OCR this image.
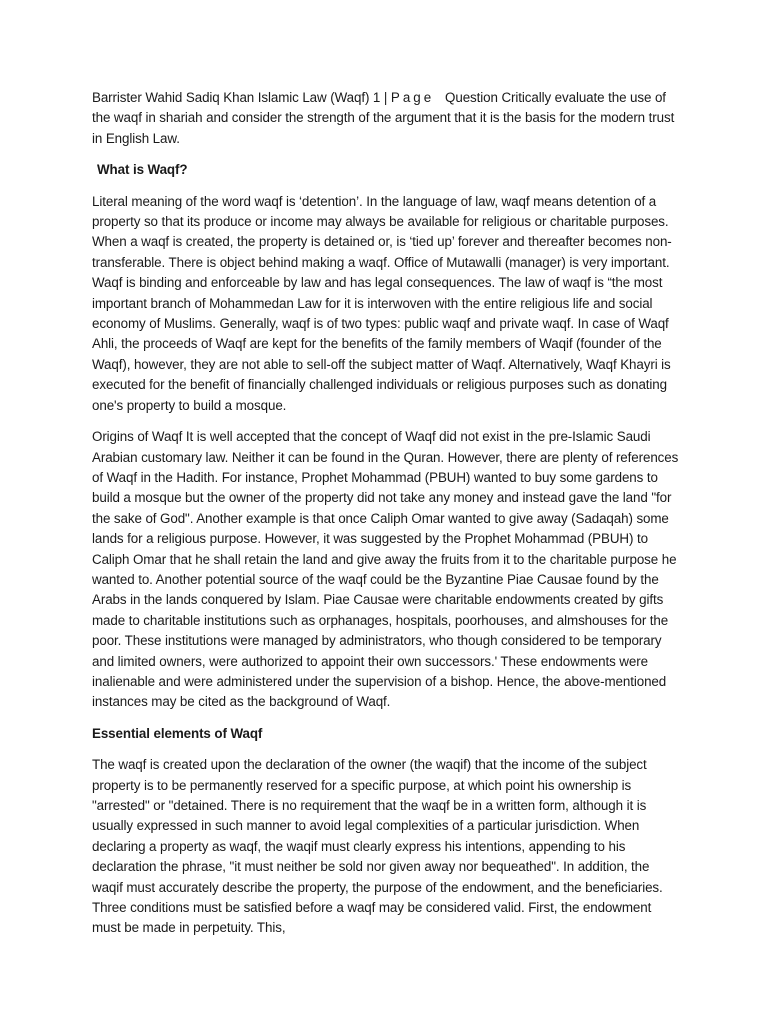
Barrister Wahid Sadiq Khan Islamic Law (Waqf) 1 | Page   Question Critically evaluate the use of the waqf in shariah and consider the strength of the argument that it is the basis for the modern trust in English Law.

What is Waqf?

Literal meaning of the word waqf is ‘detention’. In the language of law, waqf means detention of a property so that its produce or income may always be available for religious or charitable purposes. When a waqf is created, the property is detained or, is ‘tied up’ forever and thereafter becomes non-transferable. There is object behind making a waqf. Office of Mutawalli (manager) is very important. Waqf is binding and enforceable by law and has legal consequences. The law of waqf is “the most important branch of Mohammedan Law for it is interwoven with the entire religious life and social economy of Muslims. Generally, waqf is of two types: public waqf and private waqf. In case of Waqf Ahli, the proceeds of Waqf are kept for the benefits of the family members of Waqif (founder of the Waqf), however, they are not able to sell-off the subject matter of Waqf. Alternatively, Waqf Khayri is executed for the benefit of financially challenged individuals or religious purposes such as donating one's property to build a mosque.

Origins of Waqf It is well accepted that the concept of Waqf did not exist in the pre-Islamic Saudi Arabian customary law. Neither it can be found in the Quran. However, there are plenty of references of Waqf in the Hadith. For instance, Prophet Mohammad (PBUH) wanted to buy some gardens to build a mosque but the owner of the property did not take any money and instead gave the land "for the sake of God". Another example is that once Caliph Omar wanted to give away (Sadaqah) some lands for a religious purpose. However, it was suggested by the Prophet Mohammad (PBUH) to Caliph Omar that he shall retain the land and give away the fruits from it to the charitable purpose he wanted to. Another potential source of the waqf could be the Byzantine Piae Causae found by the Arabs in the lands conquered by Islam. Piae Causae were charitable endowments created by gifts made to charitable institutions such as orphanages, hospitals, poorhouses, and almshouses for the poor. These institutions were managed by administrators, who though considered to be temporary and limited owners, were authorized to appoint their own successors.' These endowments were inalienable and were administered under the supervision of a bishop. Hence, the above-mentioned instances may be cited as the background of Waqf.

Essential elements of Waqf

The waqf is created upon the declaration of the owner (the waqif) that the income of the subject property is to be permanently reserved for a specific purpose, at which point his ownership is "arrested" or "detained. There is no requirement that the waqf be in a written form, although it is usually expressed in such manner to avoid legal complexities of a particular jurisdiction. When declaring a property as waqf, the waqif must clearly express his intentions, appending to his declaration the phrase, "it must neither be sold nor given away nor bequeathed". In addition, the waqif must accurately describe the property, the purpose of the endowment, and the beneficiaries. Three conditions must be satisfied before a waqf may be considered valid. First, the endowment must be made in perpetuity. This,
